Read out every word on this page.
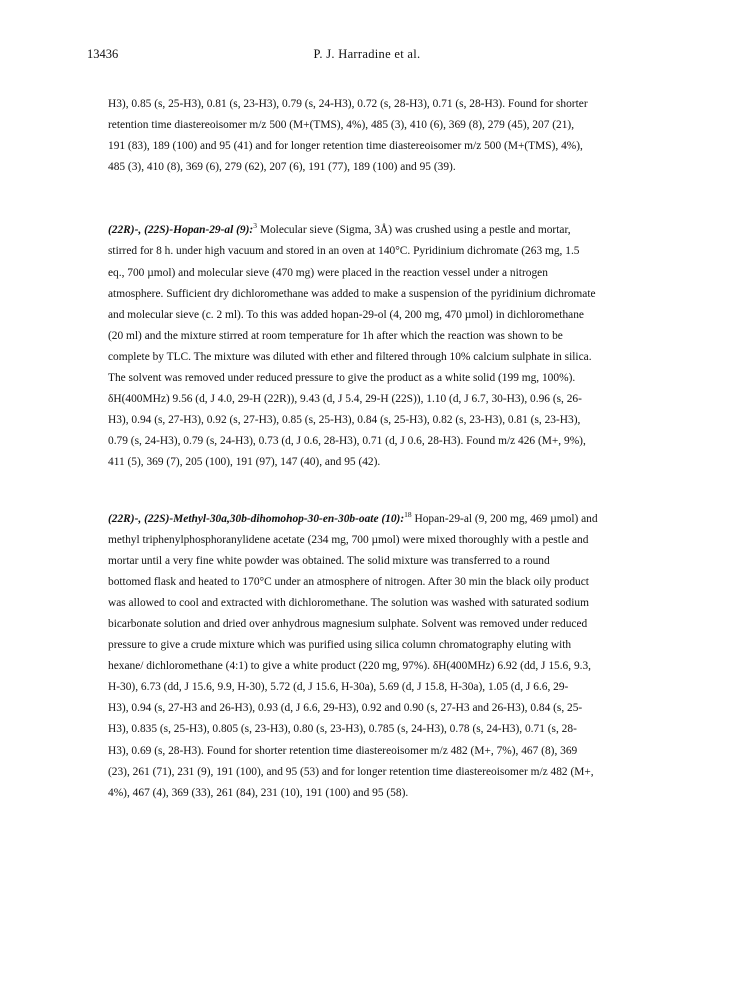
13436	P. J. Harradine et al.
H3), 0.85 (s, 25-H3), 0.81 (s, 23-H3), 0.79 (s, 24-H3), 0.72 (s, 28-H3), 0.71 (s, 28-H3). Found for shorter
retention time diastereoisomer m/z 500 (M+(TMS), 4%), 485 (3), 410 (6), 369 (8), 279 (45), 207 (21),
191 (83), 189 (100) and 95 (41) and for longer retention time diastereoisomer m/z 500 (M+(TMS), 4%),
485 (3), 410 (8), 369 (6), 279 (62), 207 (6), 191 (77), 189 (100) and 95 (39).
(22R)-, (22S)-Hopan-29-al (9):$^3$ Molecular sieve (Sigma, 3Å) was crushed using a pestle and mortar,
stirred for 8 h. under high vacuum and stored in an oven at 140°C. Pyridinium dichromate (263 mg, 1.5
eq., 700 µmol) and molecular sieve (470 mg) were placed in the reaction vessel under a nitrogen
atmosphere. Sufficient dry dichloromethane was added to make a suspension of the pyridinium dichromate
and molecular sieve (c. 2 ml). To this was added hopan-29-ol (4, 200 mg, 470 µmol) in dichloromethane
(20 ml) and the mixture stirred at room temperature for 1h after which the reaction was shown to be
complete by TLC. The mixture was diluted with ether and filtered through 10% calcium sulphate in silica.
The solvent was removed under reduced pressure to give the product as a white solid (199 mg, 100%).
δH(400MHz) 9.56 (d, J 4.0, 29-H (22R)), 9.43 (d, J 5.4, 29-H (22S)), 1.10 (d, J 6.7, 30-H3), 0.96 (s, 26-
H3), 0.94 (s, 27-H3), 0.92 (s, 27-H3), 0.85 (s, 25-H3), 0.84 (s, 25-H3), 0.82 (s, 23-H3), 0.81 (s, 23-H3),
0.79 (s, 24-H3), 0.79 (s, 24-H3), 0.73 (d, J 0.6, 28-H3), 0.71 (d, J 0.6, 28-H3). Found m/z 426 (M+, 9%),
411 (5), 369 (7), 205 (100), 191 (97), 147 (40), and 95 (42).
(22R)-, (22S)-Methyl-30a,30b-dihomohop-30-en-30b-oate (10):$^{18}$ Hopan-29-al (9, 200 mg, 469 µmol) and
methyl triphenylphosphoranylidene acetate (234 mg, 700 µmol) were mixed thoroughly with a pestle and
mortar until a very fine white powder was obtained. The solid mixture was transferred to a round
bottomed flask and heated to 170°C under an atmosphere of nitrogen. After 30 min the black oily product
was allowed to cool and extracted with dichloromethane. The solution was washed with saturated sodium
bicarbonate solution and dried over anhydrous magnesium sulphate. Solvent was removed under reduced
pressure to give a crude mixture which was purified using silica column chromatography eluting with
hexane/ dichloromethane (4:1) to give a white product (220 mg, 97%). δH(400MHz) 6.92 (dd, J 15.6, 9.3,
H-30), 6.73 (dd, J 15.6, 9.9, H-30), 5.72 (d, J 15.6, H-30a), 5.69 (d, J 15.8, H-30a), 1.05 (d, J 6.6, 29-
H3), 0.94 (s, 27-H3 and 26-H3), 0.93 (d, J 6.6, 29-H3), 0.92 and 0.90 (s, 27-H3 and 26-H3), 0.84 (s, 25-
H3), 0.835 (s, 25-H3), 0.805 (s, 23-H3), 0.80 (s, 23-H3), 0.785 (s, 24-H3), 0.78 (s, 24-H3), 0.71 (s, 28-
H3), 0.69 (s, 28-H3). Found for shorter retention time diastereoisomer m/z 482 (M+, 7%), 467 (8), 369
(23), 261 (71), 231 (9), 191 (100), and 95 (53) and for longer retention time diastereoisomer m/z 482 (M+,
4%), 467 (4), 369 (33), 261 (84), 231 (10), 191 (100) and 95 (58).
